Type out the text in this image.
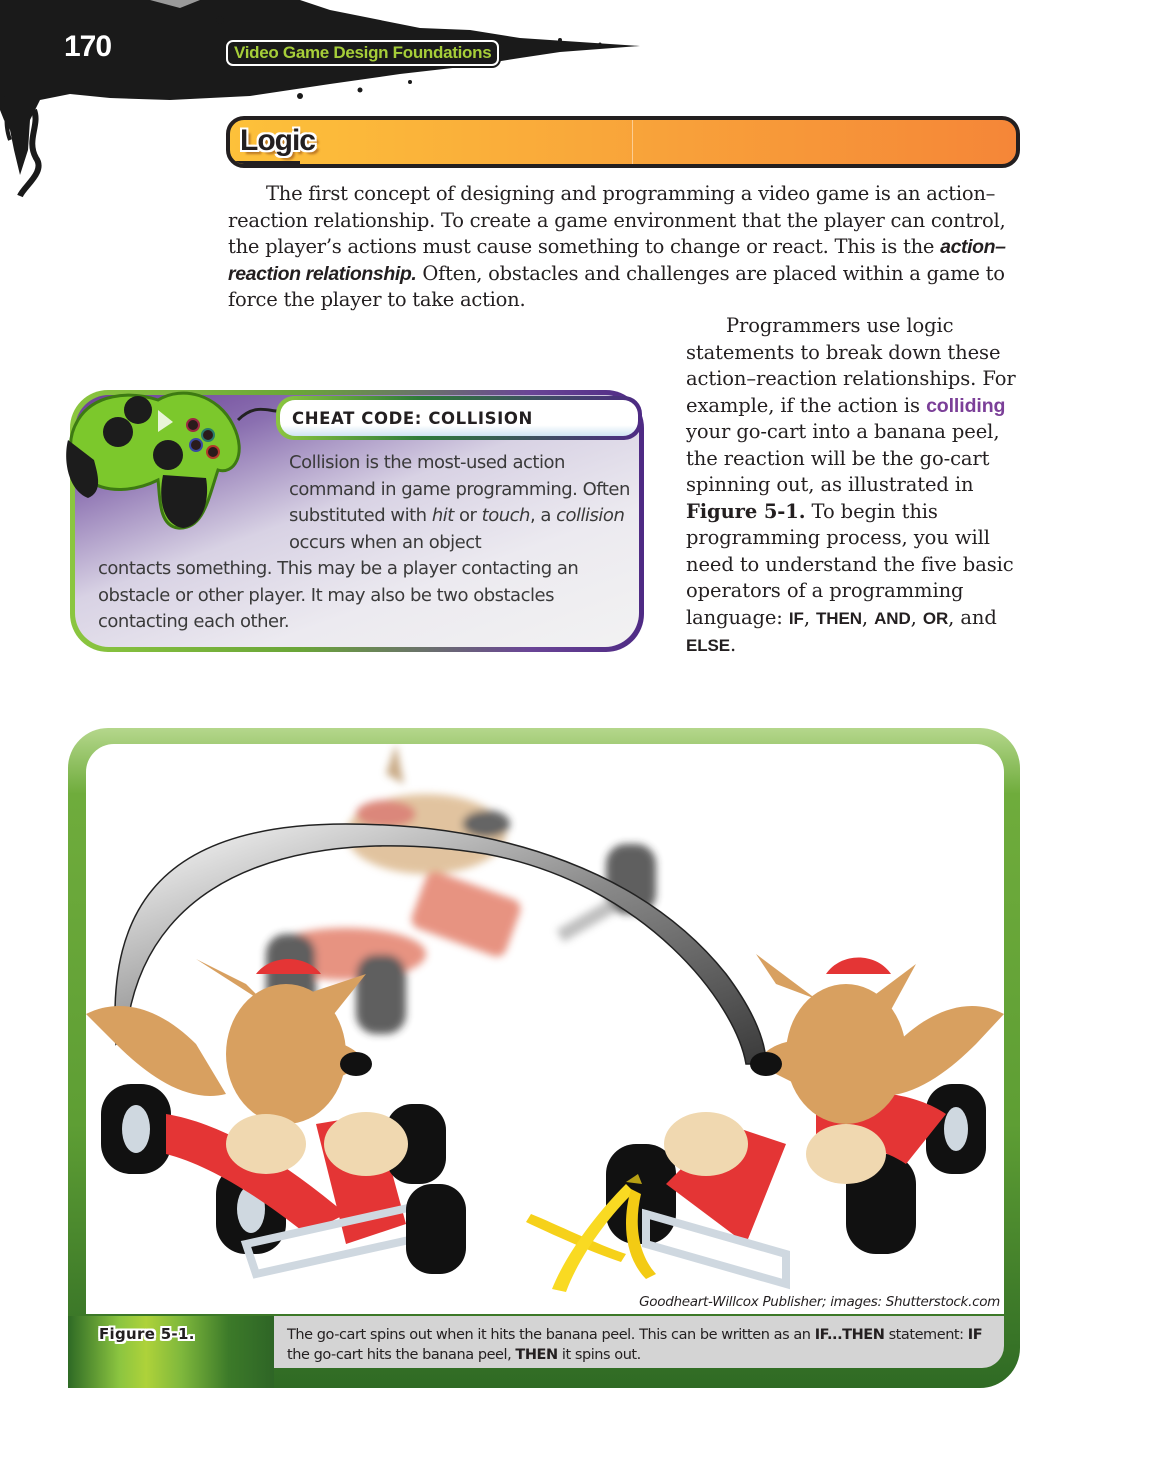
170	Video Game Design Foundations
Logic

The first concept of designing and programming a video game is an action–reaction relationship. To create a game environment that the player can control, the player’s actions must cause something to change or react. This is the action–reaction relationship. Often, obstacles and challenges are placed within a game to force the player to take action.

CHEAT CODE: COLLISION
Collision is the most-used action command in game programming. Often substituted with hit or touch, a collision occurs when an object
contacts something. This may be a player contacting an obstacle or other player. It may also be two obstacles contacting each other.

Programmers use logic statements to break down these action–reaction relationships. For example, if the action is colliding your go-cart into a banana peel, the reaction will be the go-cart spinning out, as illustrated in Figure 5-1. To begin this programming process, you will need to understand the five basic operators of a programming language: IF, THEN, AND, OR, and ELSE.

Goodheart-Willcox Publisher; images: Shutterstock.com
Figure 5-1.	The go-cart spins out when it hits the banana peel. This can be written as an IF...THEN statement: IF the go-cart hits the banana peel, THEN it spins out.
